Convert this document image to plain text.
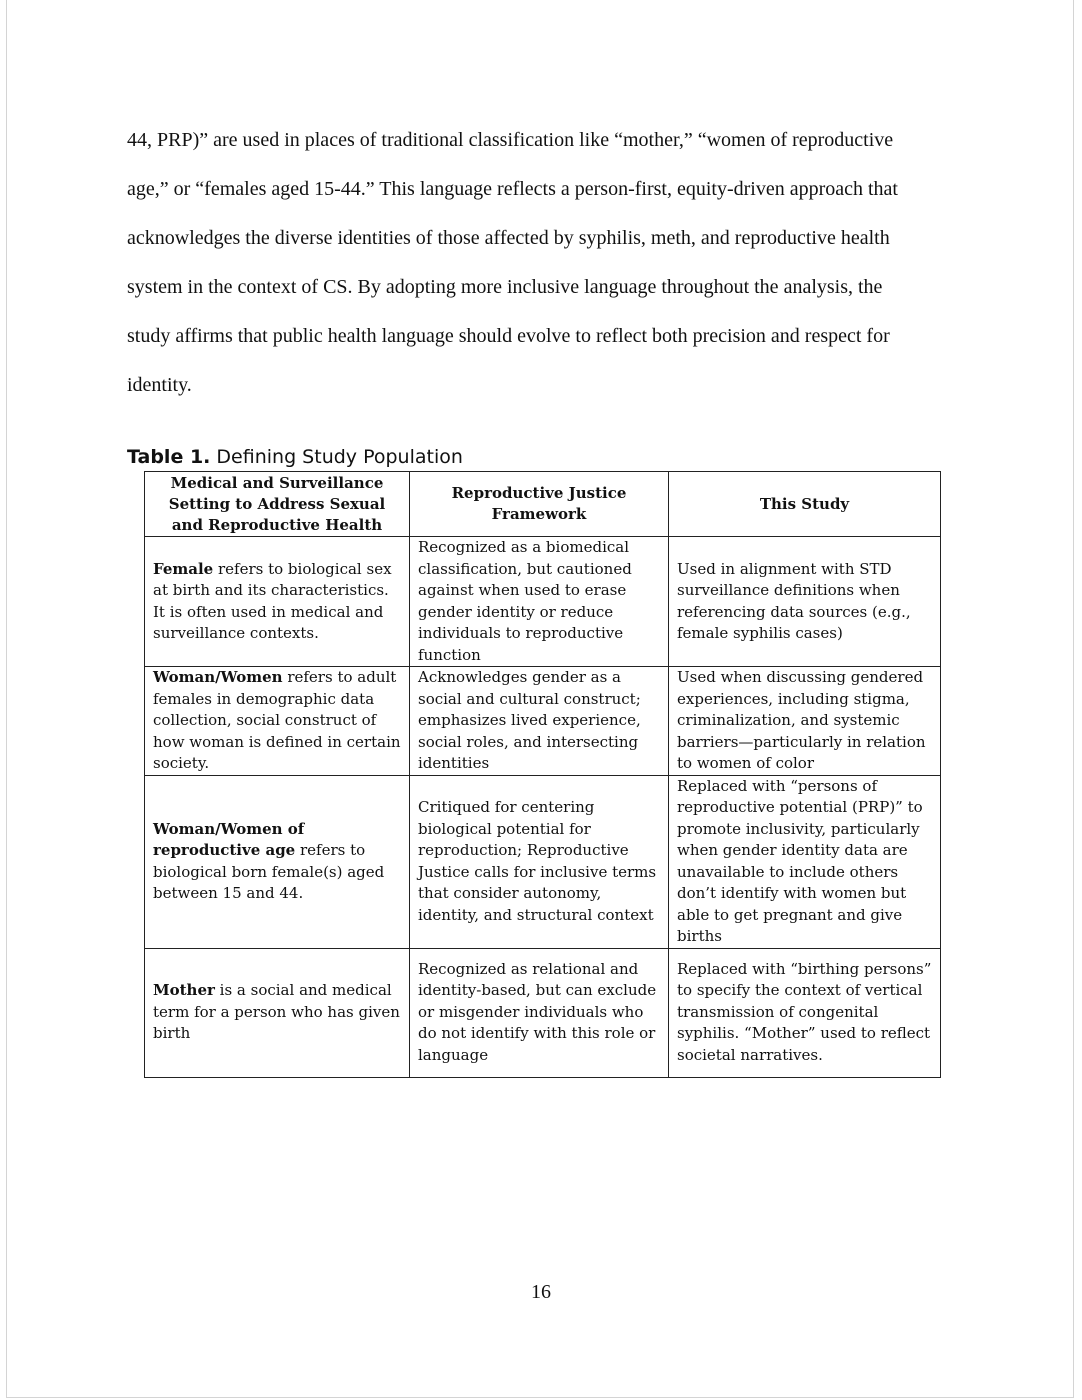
44, PRP)” are used in places of traditional classification like “mother,” “women of reproductive
age,” or “females aged 15-44.” This language reflects a person-first, equity-driven approach that
acknowledges the diverse identities of those affected by syphilis, meth, and reproductive health
system in the context of CS. By adopting more inclusive language throughout the analysis, the
study affirms that public health language should evolve to reflect both precision and respect for
identity.
Table 1. Defining Study Population
Medical and Surveillance Setting to Address Sexual and Reproductive Health	Reproductive Justice Framework	This Study
Female refers to biological sex at birth and its characteristics. It is often used in medical and surveillance contexts.	Recognized as a biomedical classification, but cautioned against when used to erase gender identity or reduce individuals to reproductive function	Used in alignment with STD surveillance definitions when referencing data sources (e.g., female syphilis cases)
Woman/Women refers to adult females in demographic data collection, social construct of how woman is defined in certain society.	Acknowledges gender as a social and cultural construct; emphasizes lived experience, social roles, and intersecting identities	Used when discussing gendered experiences, including stigma, criminalization, and systemic barriers—particularly in relation to women of color
Woman/Women of reproductive age refers to biological born female(s) aged between 15 and 44.	Critiqued for centering biological potential for reproduction; Reproductive Justice calls for inclusive terms that consider autonomy, identity, and structural context	Replaced with “persons of reproductive potential (PRP)” to promote inclusivity, particularly when gender identity data are unavailable to include others don’t identify with women but able to get pregnant and give births
Mother is a social and medical term for a person who has given birth	Recognized as relational and identity-based, but can exclude or misgender individuals who do not identify with this role or language	Replaced with “birthing persons” to specify the context of vertical transmission of congenital syphilis. “Mother” used to reflect societal narratives.
16
